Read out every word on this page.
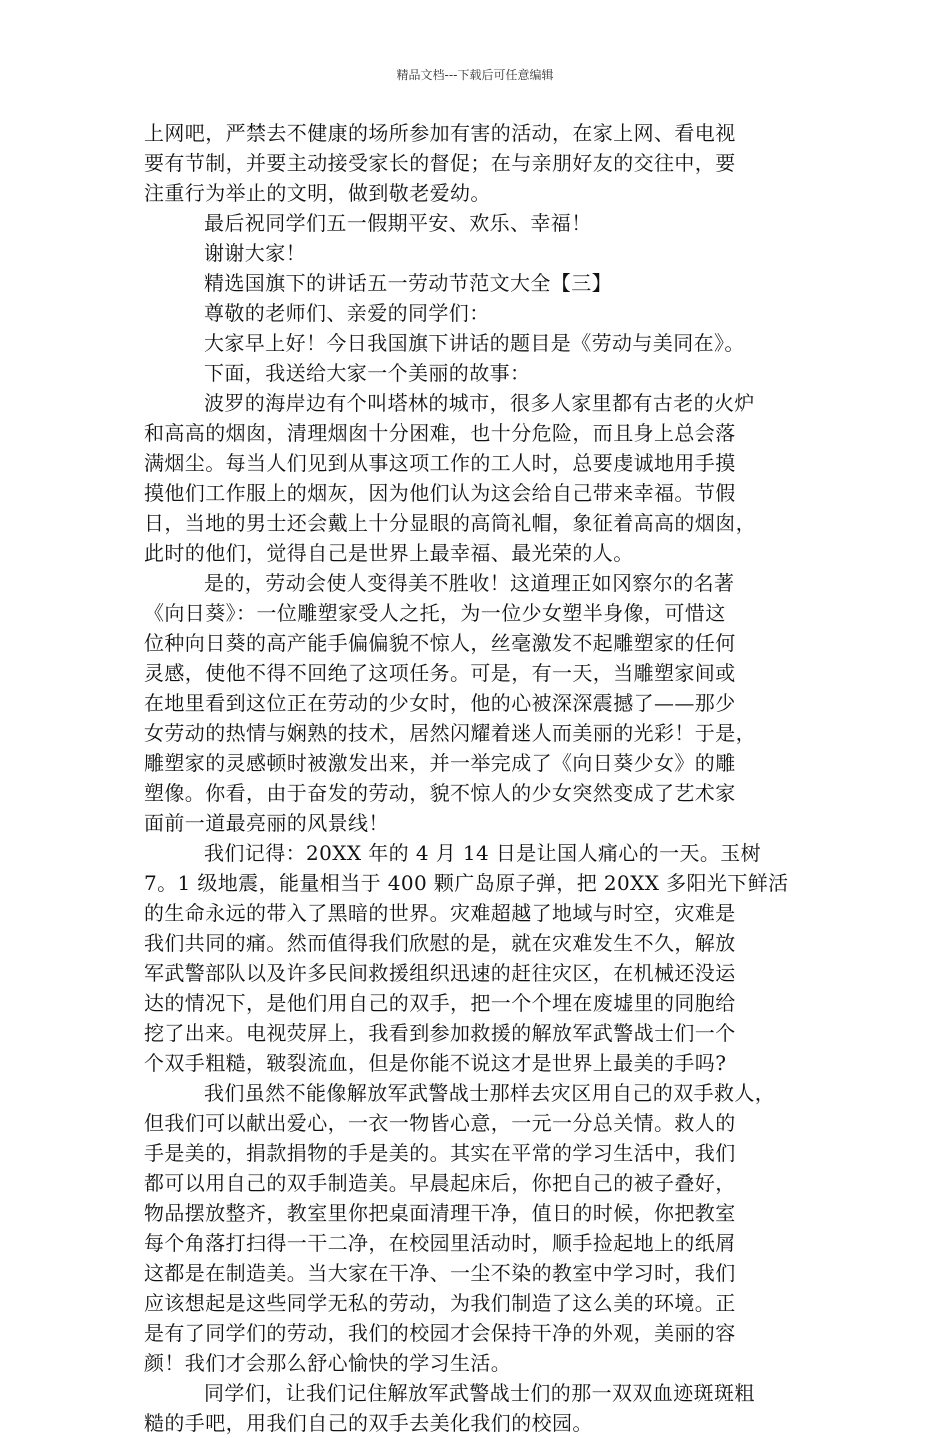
精品文档---下载后可任意编辑
上网吧，严禁去不健康的场所参加有害的活动，在家上网、看电视
要有节制，并要主动接受家长的督促；在与亲朋好友的交往中，要
注重行为举止的文明，做到敬老爱幼。
最后祝同学们五一假期平安、欢乐、幸福！
谢谢大家！
精选国旗下的讲话五一劳动节范文大全【三】
尊敬的老师们、亲爱的同学们：
大家早上好！今日我国旗下讲话的题目是《劳动与美同在》。
下面，我送给大家一个美丽的故事：
波罗的海岸边有个叫塔林的城市，很多人家里都有古老的火炉
和高高的烟囱，清理烟囱十分困难，也十分危险，而且身上总会落
满烟尘。每当人们见到从事这项工作的工人时，总要虔诚地用手摸
摸他们工作服上的烟灰，因为他们认为这会给自己带来幸福。节假
日，当地的男士还会戴上十分显眼的高筒礼帽，象征着高高的烟囱，
此时的他们，觉得自己是世界上最幸福、最光荣的人。
是的，劳动会使人变得美不胜收！这道理正如冈察尔的名著
《向日葵》：一位雕塑家受人之托，为一位少女塑半身像，可惜这
位种向日葵的高产能手偏偏貌不惊人，丝毫激发不起雕塑家的任何
灵感，使他不得不回绝了这项任务。可是，有一天，当雕塑家间或
在地里看到这位正在劳动的少女时，他的心被深深震撼了——那少
女劳动的热情与娴熟的技术，居然闪耀着迷人而美丽的光彩！于是，
雕塑家的灵感顿时被激发出来，并一举完成了《向日葵少女》的雕
塑像。你看，由于奋发的劳动，貌不惊人的少女突然变成了艺术家
面前一道最亮丽的风景线！
我们记得：20XX 年的 4 月 14 日是让国人痛心的一天。玉树
7。1 级地震，能量相当于 400 颗广岛原子弹，把 20XX 多阳光下鲜活
的生命永远的带入了黑暗的世界。灾难超越了地域与时空，灾难是
我们共同的痛。然而值得我们欣慰的是，就在灾难发生不久，解放
军武警部队以及许多民间救援组织迅速的赶往灾区，在机械还没运
达的情况下，是他们用自己的双手，把一个个埋在废墟里的同胞给
挖了出来。电视荧屏上，我看到参加救援的解放军武警战士们一个
个双手粗糙，皲裂流血，但是你能不说这才是世界上最美的手吗?
我们虽然不能像解放军武警战士那样去灾区用自己的双手救人，
但我们可以献出爱心，一衣一物皆心意，一元一分总关情。救人的
手是美的，捐款捐物的手是美的。其实在平常的学习生活中，我们
都可以用自己的双手制造美。早晨起床后，你把自己的被子叠好，
物品摆放整齐，教室里你把桌面清理干净，值日的时候，你把教室
每个角落打扫得一干二净，在校园里活动时，顺手捡起地上的纸屑
这都是在制造美。当大家在干净、一尘不染的教室中学习时，我们
应该想起是这些同学无私的劳动，为我们制造了这么美的环境。正
是有了同学们的劳动，我们的校园才会保持干净的外观，美丽的容
颜！我们才会那么舒心愉快的学习生活。
同学们，让我们记住解放军武警战士们的那一双双血迹斑斑粗
糙的手吧，用我们自己的双手去美化我们的校园。
